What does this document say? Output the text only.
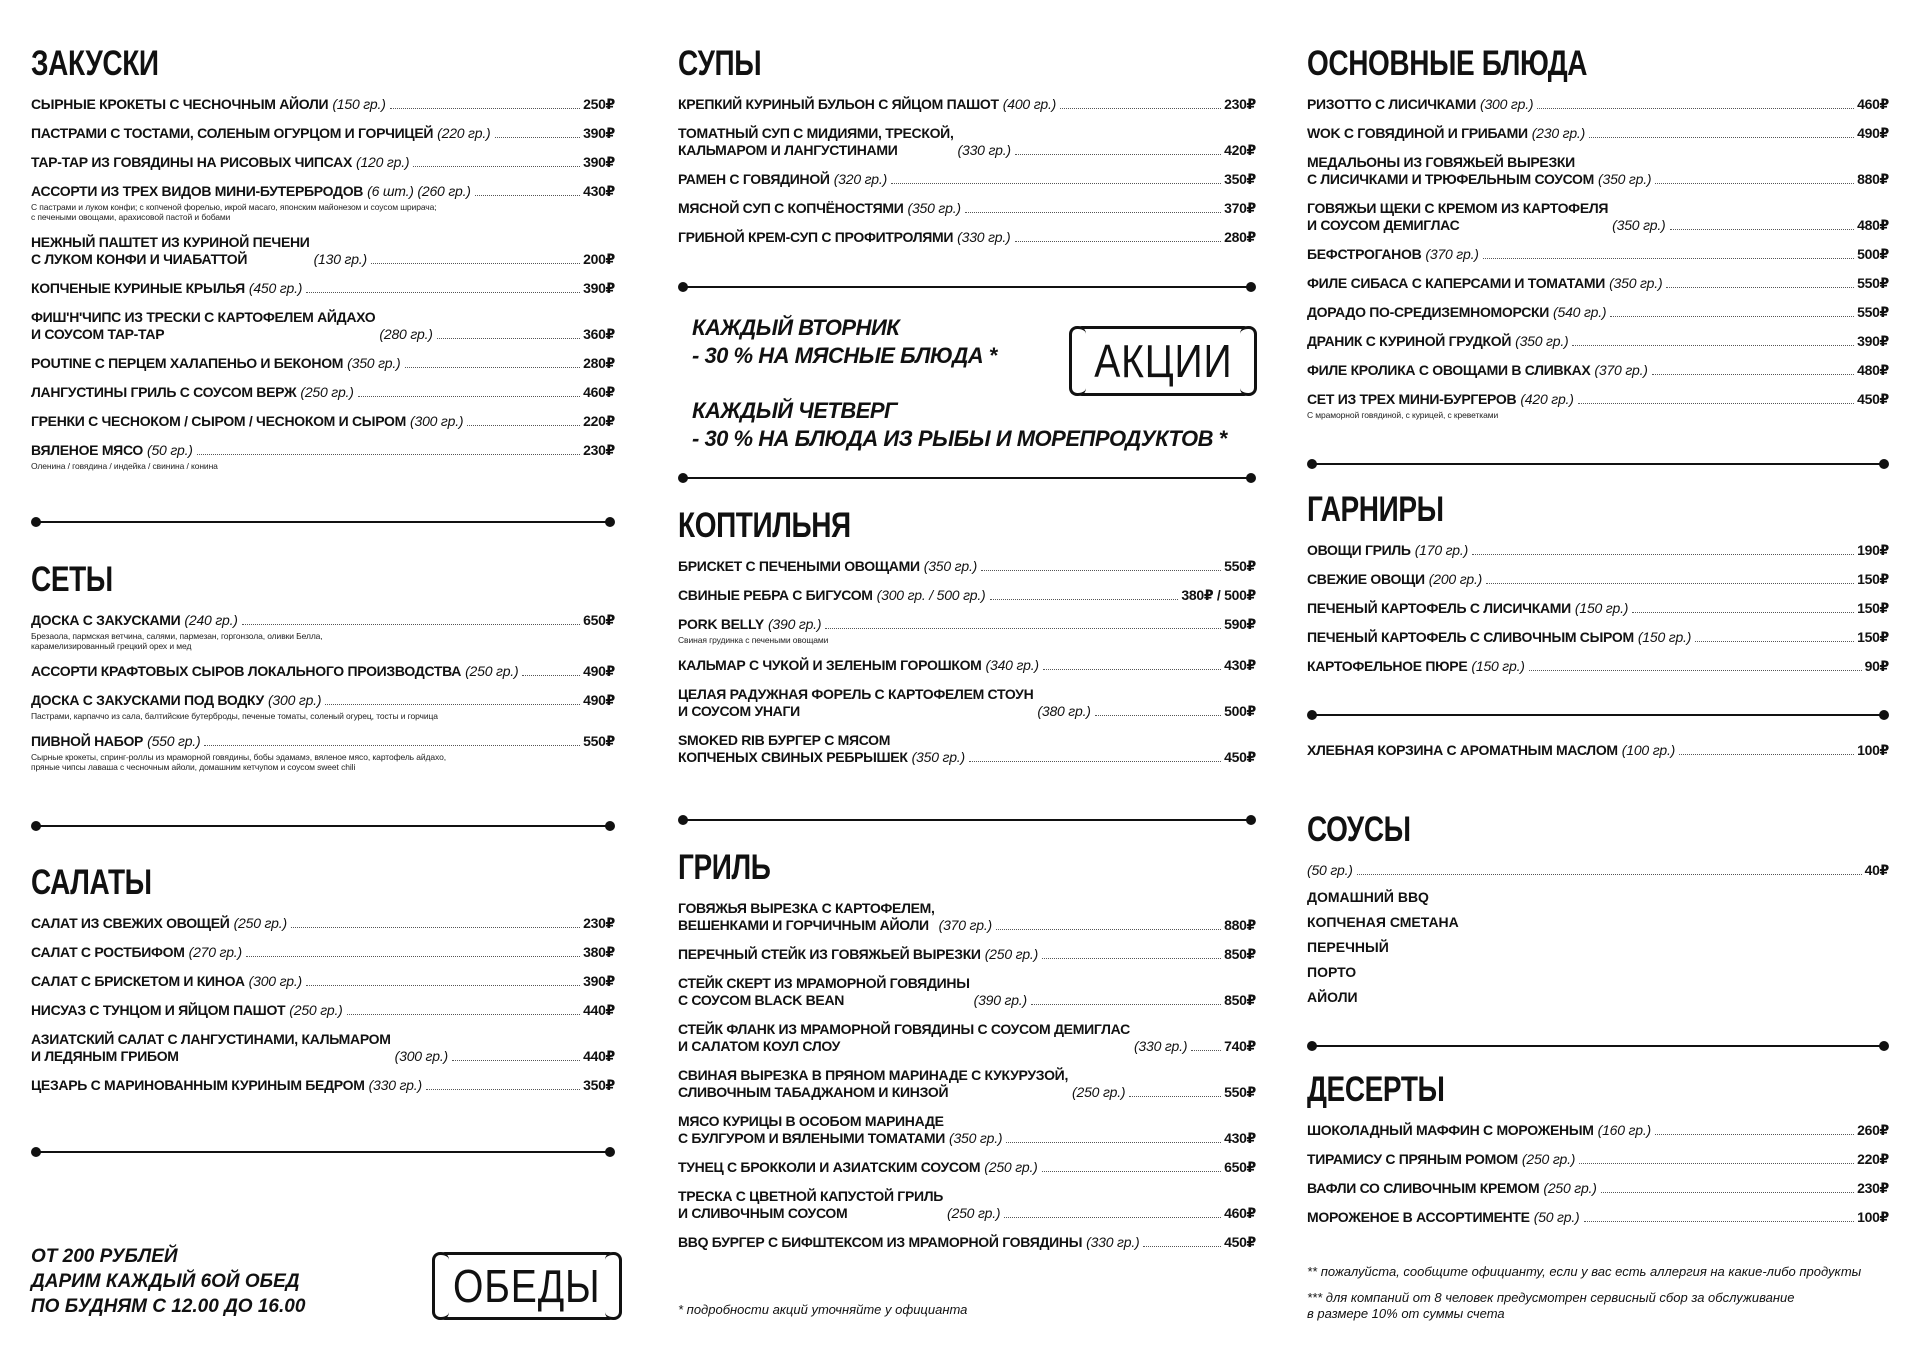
ЗАКУСКИ
СЫРНЫЕ КРОКЕТЫ С ЧЕСНОЧНЫМ АЙОЛИ (150 гр.)	250₽
ПАСТРАМИ С ТОСТАМИ, СОЛЕНЫМ ОГУРЦОМ И ГОРЧИЦЕЙ (220 гр.)	390₽
ТАР-ТАР ИЗ ГОВЯДИНЫ НА РИСОВЫХ ЧИПСАХ (120 гр.)	390₽
АССОРТИ ИЗ ТРЕХ ВИДОВ МИНИ-БУТЕРБРОДОВ (6 шт.) (260 гр.)	430₽
С пастрами и луком конфи; с копченой форелью, икрой масаго, японским майонезом и соусом шрирача;
с печеными овощами, арахисовой пастой и бобами
НЕЖНЫЙ ПАШТЕТ ИЗ КУРИНОЙ ПЕЧЕНИ
С ЛУКОМ КОНФИ И ЧИАБАТТОЙ	(130 гр.)	200₽
КОПЧЕНЫЕ КУРИНЫЕ КРЫЛЬЯ (450 гр.)	390₽
ФИШ'Н'ЧИПС ИЗ ТРЕСКИ С КАРТОФЕЛЕМ АЙДАХО
И СОУСОМ ТАР-ТАР	(280 гр.)	360₽
POUTINE С ПЕРЦЕМ ХАЛАПЕНЬО И БЕКОНОМ (350 гр.)	280₽
ЛАНГУСТИНЫ ГРИЛЬ С СОУСОМ ВЕРЖ (250 гр.)	460₽
ГРЕНКИ С ЧЕСНОКОМ / СЫРОМ / ЧЕСНОКОМ И СЫРОМ (300 гр.)	220₽
ВЯЛЕНОЕ МЯСО (50 гр.)	230₽
Оленина / говядина / индейка / свинина / конина
СЕТЫ
ДОСКА С ЗАКУСКАМИ (240 гр.)	650₽
Брезаола, пармская ветчина, салями, пармезан, горгонзола, оливки Белла,
карамелизированный грецкий орех и мед
АССОРТИ КРАФТОВЫХ СЫРОВ ЛОКАЛЬНОГО ПРОИЗВОДСТВА (250 гр.)	490₽
ДОСКА С ЗАКУСКАМИ ПОД ВОДКУ (300 гр.)	490₽
Пастрами, карпаччо из сала, балтийские бутерброды, печеные томаты, соленый огурец, тосты и горчица
ПИВНОЙ НАБОР (550 гр.)	550₽
Сырные крокеты, спринг-роллы из мраморной говядины, бобы эдамамэ, вяленое мясо, картофель айдахо,
пряные чипсы лаваша с чесночным айоли, домашним кетчупом и соусом sweet chili
САЛАТЫ
САЛАТ ИЗ СВЕЖИХ ОВОЩЕЙ (250 гр.)	230₽
САЛАТ С РОСТБИФОМ (270 гр.)	380₽
САЛАТ С БРИСКЕТОМ И КИНОА (300 гр.)	390₽
НИСУАЗ С ТУНЦОМ И ЯЙЦОМ ПАШОТ (250 гр.)	440₽
АЗИАТСКИЙ САЛАТ С ЛАНГУСТИНАМИ, КАЛЬМАРОМ
И ЛЕДЯНЫМ ГРИБОМ	(300 гр.)	440₽
ЦЕЗАРЬ С МАРИНОВАННЫМ КУРИНЫМ БЕДРОМ (330 гр.)	350₽
ОТ 200 РУБЛЕЙ
ДАРИМ КАЖДЫЙ 6ОЙ ОБЕД
ПО БУДНЯМ С 12.00 ДО 16.00	ОБЕДЫ
СУПЫ
КРЕПКИЙ КУРИНЫЙ БУЛЬОН С ЯЙЦОМ ПАШОТ (400 гр.)	230₽
ТОМАТНЫЙ СУП С МИДИЯМИ, ТРЕСКОЙ,
КАЛЬМАРОМ И ЛАНГУСТИНАМИ	(330 гр.)	420₽
РАМЕН С ГОВЯДИНОЙ (320 гр.)	350₽
МЯСНОЙ СУП С КОПЧЁНОСТЯМИ (350 гр.)	370₽
ГРИБНОЙ КРЕМ-СУП С ПРОФИТРОЛЯМИ (330 гр.)	280₽
КАЖДЫЙ ВТОРНИК
- 30 % НА МЯСНЫЕ БЛЮДА *
КАЖДЫЙ ЧЕТВЕРГ
- 30 % НА БЛЮДА ИЗ РЫБЫ И МОРЕПРОДУКТОВ *
АКЦИИ
КОПТИЛЬНЯ
БРИСКЕТ С ПЕЧЕНЫМИ ОВОЩАМИ (350 гр.)	550₽
СВИНЫЕ РЕБРА С БИГУСОМ (300 гр. / 500 гр.)	380₽ / 500₽
PORK BELLY (390 гр.)	590₽
Свиная грудинка с печеными овощами
КАЛЬМАР С ЧУКОЙ И ЗЕЛЕНЫМ ГОРОШКОМ (340 гр.)	430₽
ЦЕЛАЯ РАДУЖНАЯ ФОРЕЛЬ С КАРТОФЕЛЕМ СТОУН
И СОУСОМ УНАГИ	(380 гр.)	500₽
SMOKED RIB БУРГЕР С МЯСОМ
КОПЧЕНЫХ СВИНЫХ РЕБРЫШЕК (350 гр.)	450₽
ГРИЛЬ
ГОВЯЖЬЯ ВЫРЕЗКА С КАРТОФЕЛЕМ,
ВЕШЕНКАМИ И ГОРЧИЧНЫМ АЙОЛИ (370 гр.)	880₽
ПЕРЕЧНЫЙ СТЕЙК ИЗ ГОВЯЖЬЕЙ ВЫРЕЗКИ (250 гр.)	850₽
СТЕЙК СКЕРТ ИЗ МРАМОРНОЙ ГОВЯДИНЫ
С СОУСОМ BLACK BEAN	(390 гр.)	850₽
СТЕЙК ФЛАНК ИЗ МРАМОРНОЙ ГОВЯДИНЫ С СОУСОМ ДЕМИГЛАС
И САЛАТОМ КОУЛ СЛОУ	(330 гр.)	740₽
СВИНАЯ ВЫРЕЗКА В ПРЯНОМ МАРИНАДЕ С КУКУРУЗОЙ,
СЛИВОЧНЫМ ТАБАДЖАНОМ И КИНЗОЙ	(250 гр.)	550₽
МЯСО КУРИЦЫ В ОСОБОМ МАРИНАДЕ
С БУЛГУРОМ И ВЯЛЕНЫМИ ТОМАТАМИ (350 гр.)	430₽
ТУНЕЦ С БРОККОЛИ И АЗИАТСКИМ СОУСОМ (250 гр.)	650₽
ТРЕСКА С ЦВЕТНОЙ КАПУСТОЙ ГРИЛЬ
И СЛИВОЧНЫМ СОУСОМ	(250 гр.)	460₽
BBQ БУРГЕР С БИФШТЕКСОМ ИЗ МРАМОРНОЙ ГОВЯДИНЫ (330 гр.)	450₽
* подробности акций уточняйте у официанта
ОСНОВНЫЕ БЛЮДА
РИЗОТТО С ЛИСИЧКАМИ (300 гр.)	460₽
WOK С ГОВЯДИНОЙ И ГРИБАМИ (230 гр.)	490₽
МЕДАЛЬОНЫ ИЗ ГОВЯЖЬЕЙ ВЫРЕЗКИ
С ЛИСИЧКАМИ И ТРЮФЕЛЬНЫМ СОУСОМ (350 гр.)	880₽
ГОВЯЖЬИ ЩЕКИ С КРЕМОМ ИЗ КАРТОФЕЛЯ
И СОУСОМ ДЕМИГЛАС	(350 гр.)	480₽
БЕФСТРОГАНОВ (370 гр.)	500₽
ФИЛЕ СИБАСА С КАПЕРСАМИ И ТОМАТАМИ (350 гр.)	550₽
ДОРАДО ПО-СРЕДИЗЕМНОМОРСКИ (540 гр.)	550₽
ДРАНИК С КУРИНОЙ ГРУДКОЙ (350 гр.)	390₽
ФИЛЕ КРОЛИКА С ОВОЩАМИ В СЛИВКАХ (370 гр.)	480₽
СЕТ ИЗ ТРЕХ МИНИ-БУРГЕРОВ (420 гр.)	450₽
С мраморной говядиной, с курицей, с креветками
ГАРНИРЫ
ОВОЩИ ГРИЛЬ (170 гр.)	190₽
СВЕЖИЕ ОВОЩИ (200 гр.)	150₽
ПЕЧЕНЫЙ КАРТОФЕЛЬ С ЛИСИЧКАМИ (150 гр.)	150₽
ПЕЧЕНЫЙ КАРТОФЕЛЬ С СЛИВОЧНЫМ СЫРОМ (150 гр.)	150₽
КАРТОФЕЛЬНОЕ ПЮРЕ (150 гр.)	90₽
ХЛЕБНАЯ КОРЗИНА С АРОМАТНЫМ МАСЛОМ (100 гр.)	100₽
СОУСЫ
(50 гр.)	40₽
ДОМАШНИЙ BBQ
КОПЧЕНАЯ СМЕТАНА
ПЕРЕЧНЫЙ
ПОРТО
АЙОЛИ
ДЕСЕРТЫ
ШОКОЛАДНЫЙ МАФФИН С МОРОЖЕНЫМ (160 гр.)	260₽
ТИРАМИСУ С ПРЯНЫМ РОМОМ (250 гр.)	220₽
ВАФЛИ СО СЛИВОЧНЫМ КРЕМОМ (250 гр.)	230₽
МОРОЖЕНОЕ В АССОРТИМЕНТЕ (50 гр.)	100₽
** пожалуйста, сообщите официанту, если у вас есть аллергия на какие-либо продукты
*** для компаний от 8 человек предусмотрен сервисный сбор за обслуживание
в размере 10% от суммы счета
